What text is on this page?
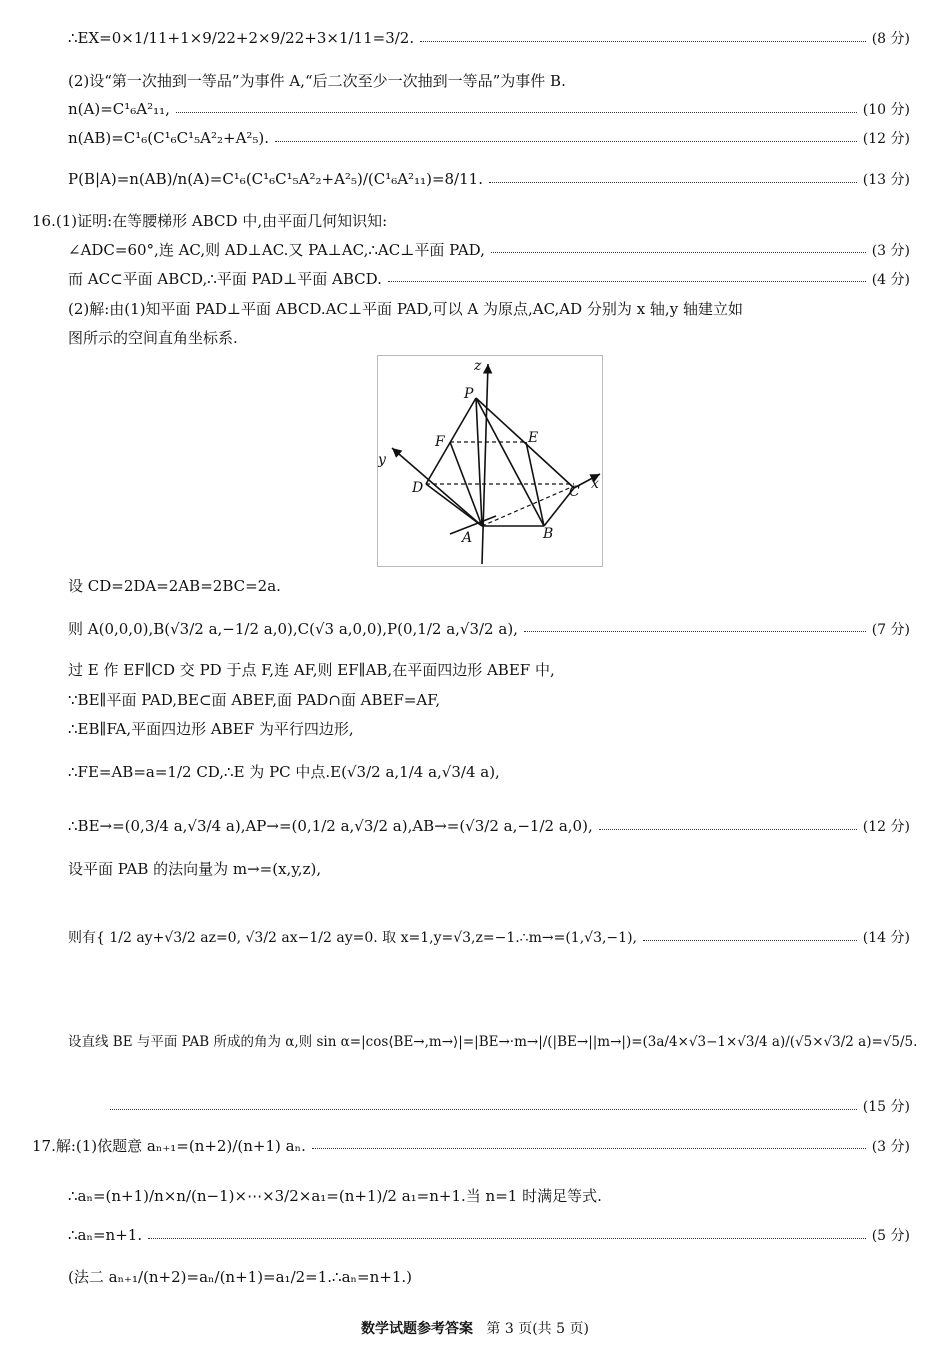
∴EX=0×1/11+1×9/22+2×9/22+3×1/11=3/2.	(8 分)
(2)设“第一次抽到一等品”为事件 A,“后二次至少一次抽到一等品”为事件 B.
n(A)=C¹₆A²₁₁,	(10 分)
n(AB)=C¹₆(C¹₆C¹₅A²₂+A²₅).	(12 分)
P(B|A)=n(AB)/n(A)=C¹₆(C¹₆C¹₅A²₂+A²₅)/(C¹₆A²₁₁)=8/11.	(13 分)
16.(1)证明:在等腰梯形 ABCD 中,由平面几何知识知:
∠ADC=60°,连 AC,则 AD⊥AC.又 PA⊥AC,∴AC⊥平面 PAD,	(3 分)
而 AC⊂平面 ABCD,∴平面 PAD⊥平面 ABCD.	(4 分)
(2)解:由(1)知平面 PAD⊥平面 ABCD.AC⊥平面 PAD,可以 A 为原点,AC,AD 分别为 x 轴,y 轴建立如
图所示的空间直角坐标系.
z
P
F	E
y
D	C x
A	B
设 CD=2DA=2AB=2BC=2a.
则 A(0,0,0),B(√3/2 a,−1/2 a,0),C(√3 a,0,0),P(0,1/2 a,√3/2 a),	(7 分)
过 E 作 EF∥CD 交 PD 于点 F,连 AF,则 EF∥AB,在平面四边形 ABEF 中,
∵BE∥平面 PAD,BE⊂面 ABEF,面 PAD∩面 ABEF=AF,
∴EB∥FA,平面四边形 ABEF 为平行四边形,
∴FE=AB=a=1/2 CD,∴E 为 PC 中点.E(√3/2 a,1/4 a,√3/4 a),
∴BE→=(0,3/4 a,√3/4 a),AP→=(0,1/2 a,√3/2 a),AB→=(√3/2 a,−1/2 a,0),	(12 分)
设平面 PAB 的法向量为 m→=(x,y,z),
则有{ 1/2 ay+√3/2 az=0, √3/2 ax−1/2 ay=0. 取 x=1,y=√3,z=−1.∴m→=(1,√3,−1),	(14 分)
设直线 BE 与平面 PAB 所成的角为 α,则 sin α=|cos⟨BE→,m→⟩|=|BE→·m→|/(|BE→||m→|)=(3a/4×√3−1×√3/4 a)/(√5×√3/2 a)=√5/5.
(15 分)
17.解:(1)依题意 aₙ₊₁=(n+2)/(n+1) aₙ.	(3 分)
∴aₙ=(n+1)/n×n/(n−1)×⋯×3/2×a₁=(n+1)/2 a₁=n+1.当 n=1 时满足等式.
∴aₙ=n+1.	(5 分)
(法二 aₙ₊₁/(n+2)=aₙ/(n+1)=a₁/2=1.∴aₙ=n+1.)
数学试题参考答案 第 3 页(共 5 页)
